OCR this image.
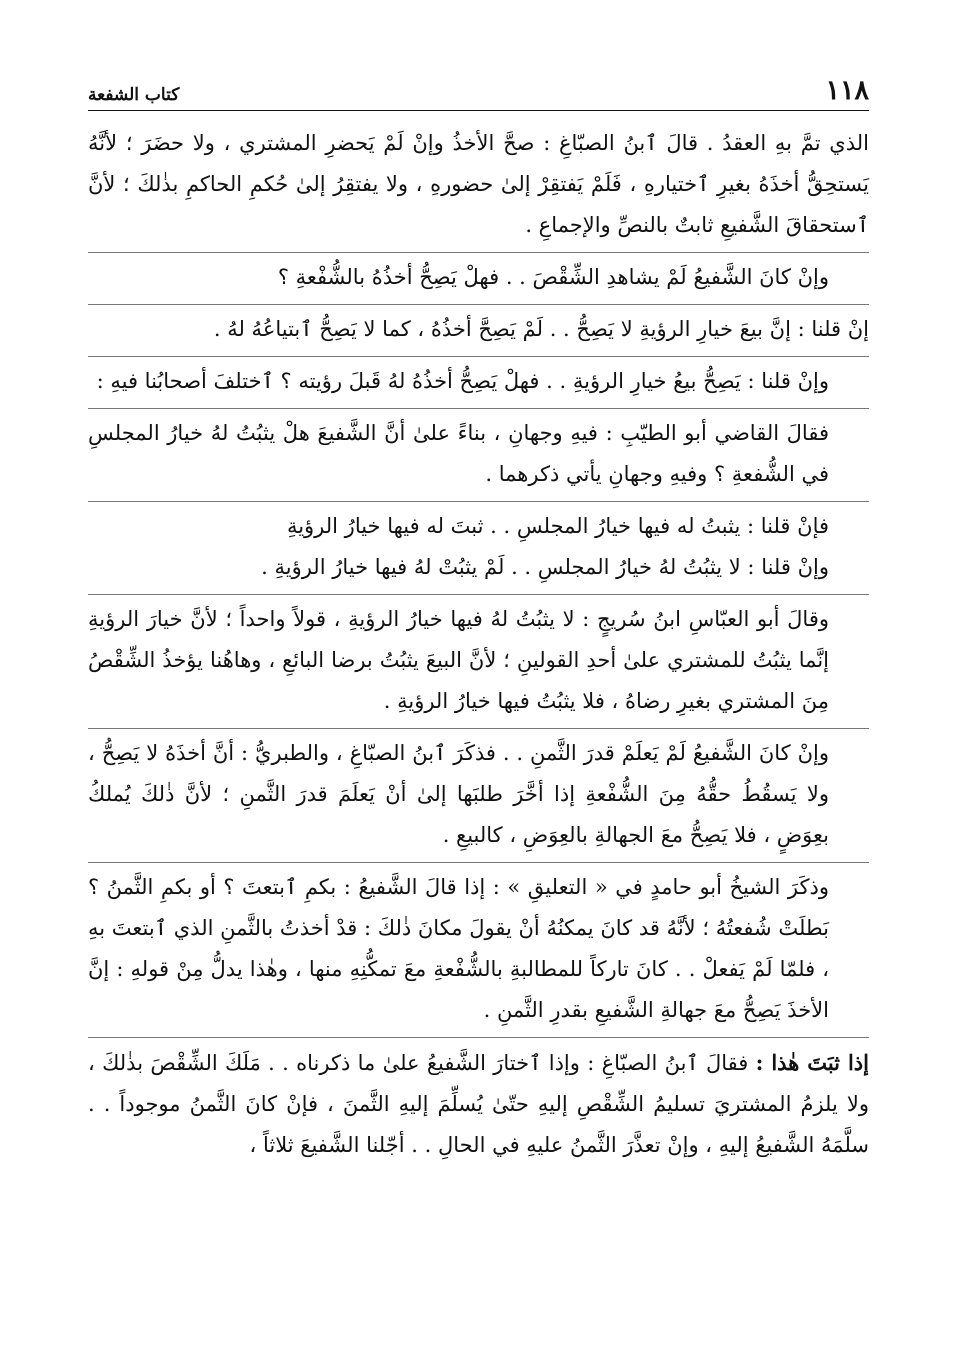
١١٨
كتاب الشفعة

الذي تمَّ بهِ العقدُ . قالَ ٱبنُ الصبّاغِ : صحَّ الأخذُ وإنْ لَمْ يَحضرِ المشتري ، ولا حضَرَ ؛ لأنَّهُ يَستحِقُّ أخذَهُ بغيرِ ٱختيارهِ ، فَلَمْ يَفتقِرْ إلىٰ حضورهِ ، ولا يفتقِرُ إلىٰ حُكمِ الحاكمِ بذٰلكَ ؛ لأنَّ ٱستحقاقَ الشَّفيعِ ثابتٌ بالنصِّ والإجماعِ .

وإنْ كانَ الشَّفيعُ لَمْ يشاهدِ الشِّقْصَ . . فهلْ يَصِحُّ أخذُهُ بالشُّفْعةِ ؟

إنْ قلنا : إنَّ بيعَ خيارِ الرؤيةِ لا يَصِحُّ . . لَمْ يَصِحَّ أخذُهُ ، كما لا يَصِحُّ ٱبتياعُهُ لهُ .

وإنْ قلنا : يَصِحُّ بيعُ خيارِ الرؤيةِ . . فهلْ يَصِحُّ أخذُهُ لهُ قَبلَ رؤيته ؟ ٱختلفَ أصحابُنا فيهِ :

فقالَ القاضي أبو الطيّبِ : فيهِ وجهانِ ، بناءً علىٰ أنَّ الشَّفيعَ هلْ يثبُتُ لهُ خيارُ المجلسِ في الشُّفعةِ ؟ وفيهِ وجهانِ يأتي ذكرهما .

فإنْ قلنا : يثبتُ له فيها خيارُ المجلسِ . . ثبتَ له فيها خيارُ الرؤيةِ
وإنْ قلنا : لا يثبُتُ لهُ خيارُ المجلسِ . . لَمْ يثبُتْ لهُ فيها خيارُ الرؤيةِ .

وقالَ أبو العبّاسِ ابنُ سُريجٍ : لا يثبُتُ لهُ فيها خيارُ الرؤيةِ ، قولاً واحداً ؛ لأنَّ خيارَ الرؤيةِ إنَّما يثبُتُ للمشتري علىٰ أحدِ القولينِ ؛ لأنَّ البيعَ يثبُتُ برضا البائعِ ، وهاهُنا يؤخذُ الشِّقْصُ مِنَ المشتري بغيرِ رضاهُ ، فلا يثبُتُ فيها خيارُ الرؤيةِ .

وإنْ كانَ الشَّفيعُ لَمْ يَعلَمْ قدرَ الثَّمنِ . . فذكَرَ ٱبنُ الصبّاغِ ، والطبريُّ : أنَّ أخذَهُ لا يَصِحُّ ، ولا يَسقُطُ حقُّهُ مِنَ الشُّفْعةِ إذا أخَّرَ طلبَها إلىٰ أنْ يَعلَمَ قدرَ الثَّمنِ ؛ لأنَّ ذٰلكَ يُملكُ بعِوَضٍ ، فلا يَصِحُّ معَ الجهالةِ بالعِوَضِ ، كالبيعِ .

وذكَرَ الشيخُ أبو حامدٍ في « التعليقِ » : إذا قالَ الشَّفيعُ : بكمِ ٱبتعتَ ؟ أو بكمِ الثَّمنُ ؟ بَطلَتْ شُفعتُهُ ؛ لأنَّهُ قد كانَ يمكنُهُ أنْ يقولَ مكانَ ذٰلكَ : قدْ أخذتُ بالثَّمنِ الذي ٱبتعتَ بهِ ، فلمّا لَمْ يَفعلْ . . كانَ تاركاً للمطالبةِ بالشُّفْعةِ معَ تمكُّنِهِ منها ، وهٰذا يدلُّ مِنْ قولهِ : إنَّ الأخذَ يَصِحُّ معَ جهالةِ الشَّفيعِ بقدرِ الثَّمنِ .

إذا ثبَتَ هٰذا : فقالَ ٱبنُ الصبّاغِ : وإذا ٱختارَ الشَّفيعُ علىٰ ما ذكرناه . . مَلَكَ الشِّقْصَ بذٰلكَ ، ولا يلزمُ المشتريَ تسليمُ الشِّقْصِ إليهِ حتّىٰ يُسلِّمَ إليهِ الثَّمنَ ، فإنْ كانَ الثَّمنُ موجوداً . . سلَّمَهُ الشَّفيعُ إليهِ ، وإنْ تعذَّرَ الثَّمنُ عليهِ في الحالِ . . أجّلنا الشَّفيعَ ثلاثاً ،
